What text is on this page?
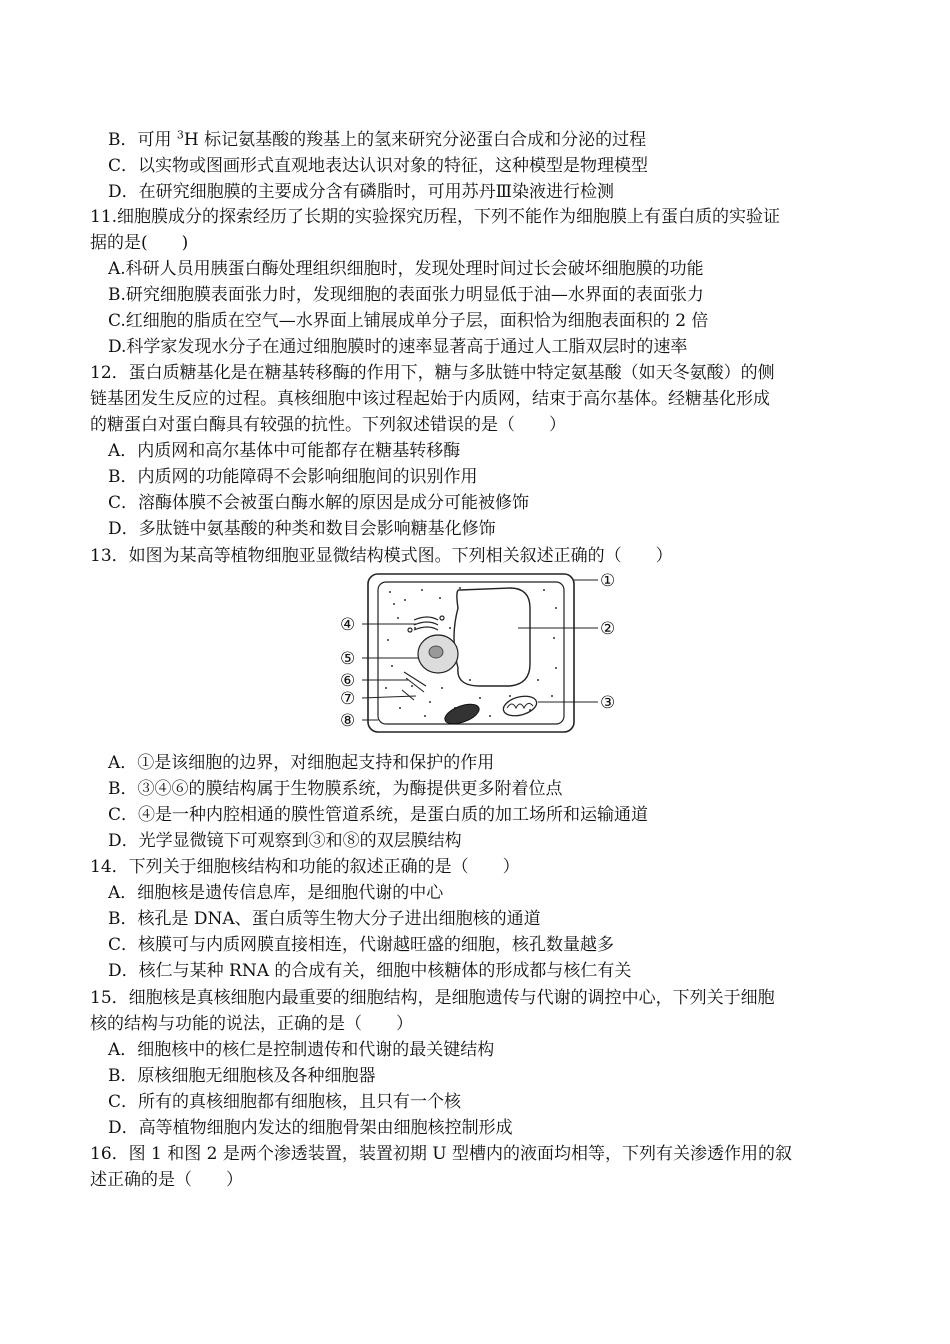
B．可用 $^3$H 标记氨基酸的羧基上的氢来研究分泌蛋白合成和分泌的过程
C．以实物或图画形式直观地表达认识对象的特征，这种模型是物理模型
D．在研究细胞膜的主要成分含有磷脂时，可用苏丹Ⅲ染液进行检测
11.细胞膜成分的探索经历了长期的实验探究历程，下列不能作为细胞膜上有蛋白质的实验证
据的是(　　)
A.科研人员用胰蛋白酶处理组织细胞时，发现处理时间过长会破坏细胞膜的功能
B.研究细胞膜表面张力时，发现细胞的表面张力明显低于油—水界面的表面张力
C.红细胞的脂质在空气—水界面上铺展成单分子层，面积恰为细胞表面积的 2 倍
D.科学家发现水分子在通过细胞膜时的速率显著高于通过人工脂双层时的速率
12．蛋白质糖基化是在糖基转移酶的作用下，糖与多肽链中特定氨基酸（如天冬氨酸）的侧
链基团发生反应的过程。真核细胞中该过程起始于内质网，结束于高尔基体。经糖基化形成
的糖蛋白对蛋白酶具有较强的抗性。下列叙述错误的是（　　）
A．内质网和高尔基体中可能都存在糖基转移酶
B．内质网的功能障碍不会影响细胞间的识别作用
C．溶酶体膜不会被蛋白酶水解的原因是成分可能被修饰
D．多肽链中氨基酸的种类和数目会影响糖基化修饰
13．如图为某高等植物细胞亚显微结构模式图。下列相关叙述正确的（　　）
①
②
③
④
⑤
⑥
⑦
⑧
A．①是该细胞的边界，对细胞起支持和保护的作用
B．③④⑥的膜结构属于生物膜系统，为酶提供更多附着位点
C．④是一种内腔相通的膜性管道系统，是蛋白质的加工场所和运输通道
D．光学显微镜下可观察到③和⑧的双层膜结构
14．下列关于细胞核结构和功能的叙述正确的是（　　）
A．细胞核是遗传信息库，是细胞代谢的中心
B．核孔是 DNA、蛋白质等生物大分子进出细胞核的通道
C．核膜可与内质网膜直接相连，代谢越旺盛的细胞，核孔数量越多
D．核仁与某种 RNA 的合成有关，细胞中核糖体的形成都与核仁有关
15．细胞核是真核细胞内最重要的细胞结构，是细胞遗传与代谢的调控中心，下列关于细胞
核的结构与功能的说法，正确的是（　　）
A．细胞核中的核仁是控制遗传和代谢的最关键结构
B．原核细胞无细胞核及各种细胞器
C．所有的真核细胞都有细胞核，且只有一个核
D．高等植物细胞内发达的细胞骨架由细胞核控制形成
16．图 1 和图 2 是两个渗透装置，装置初期 U 型槽内的液面均相等，下列有关渗透作用的叙
述正确的是（　　）
